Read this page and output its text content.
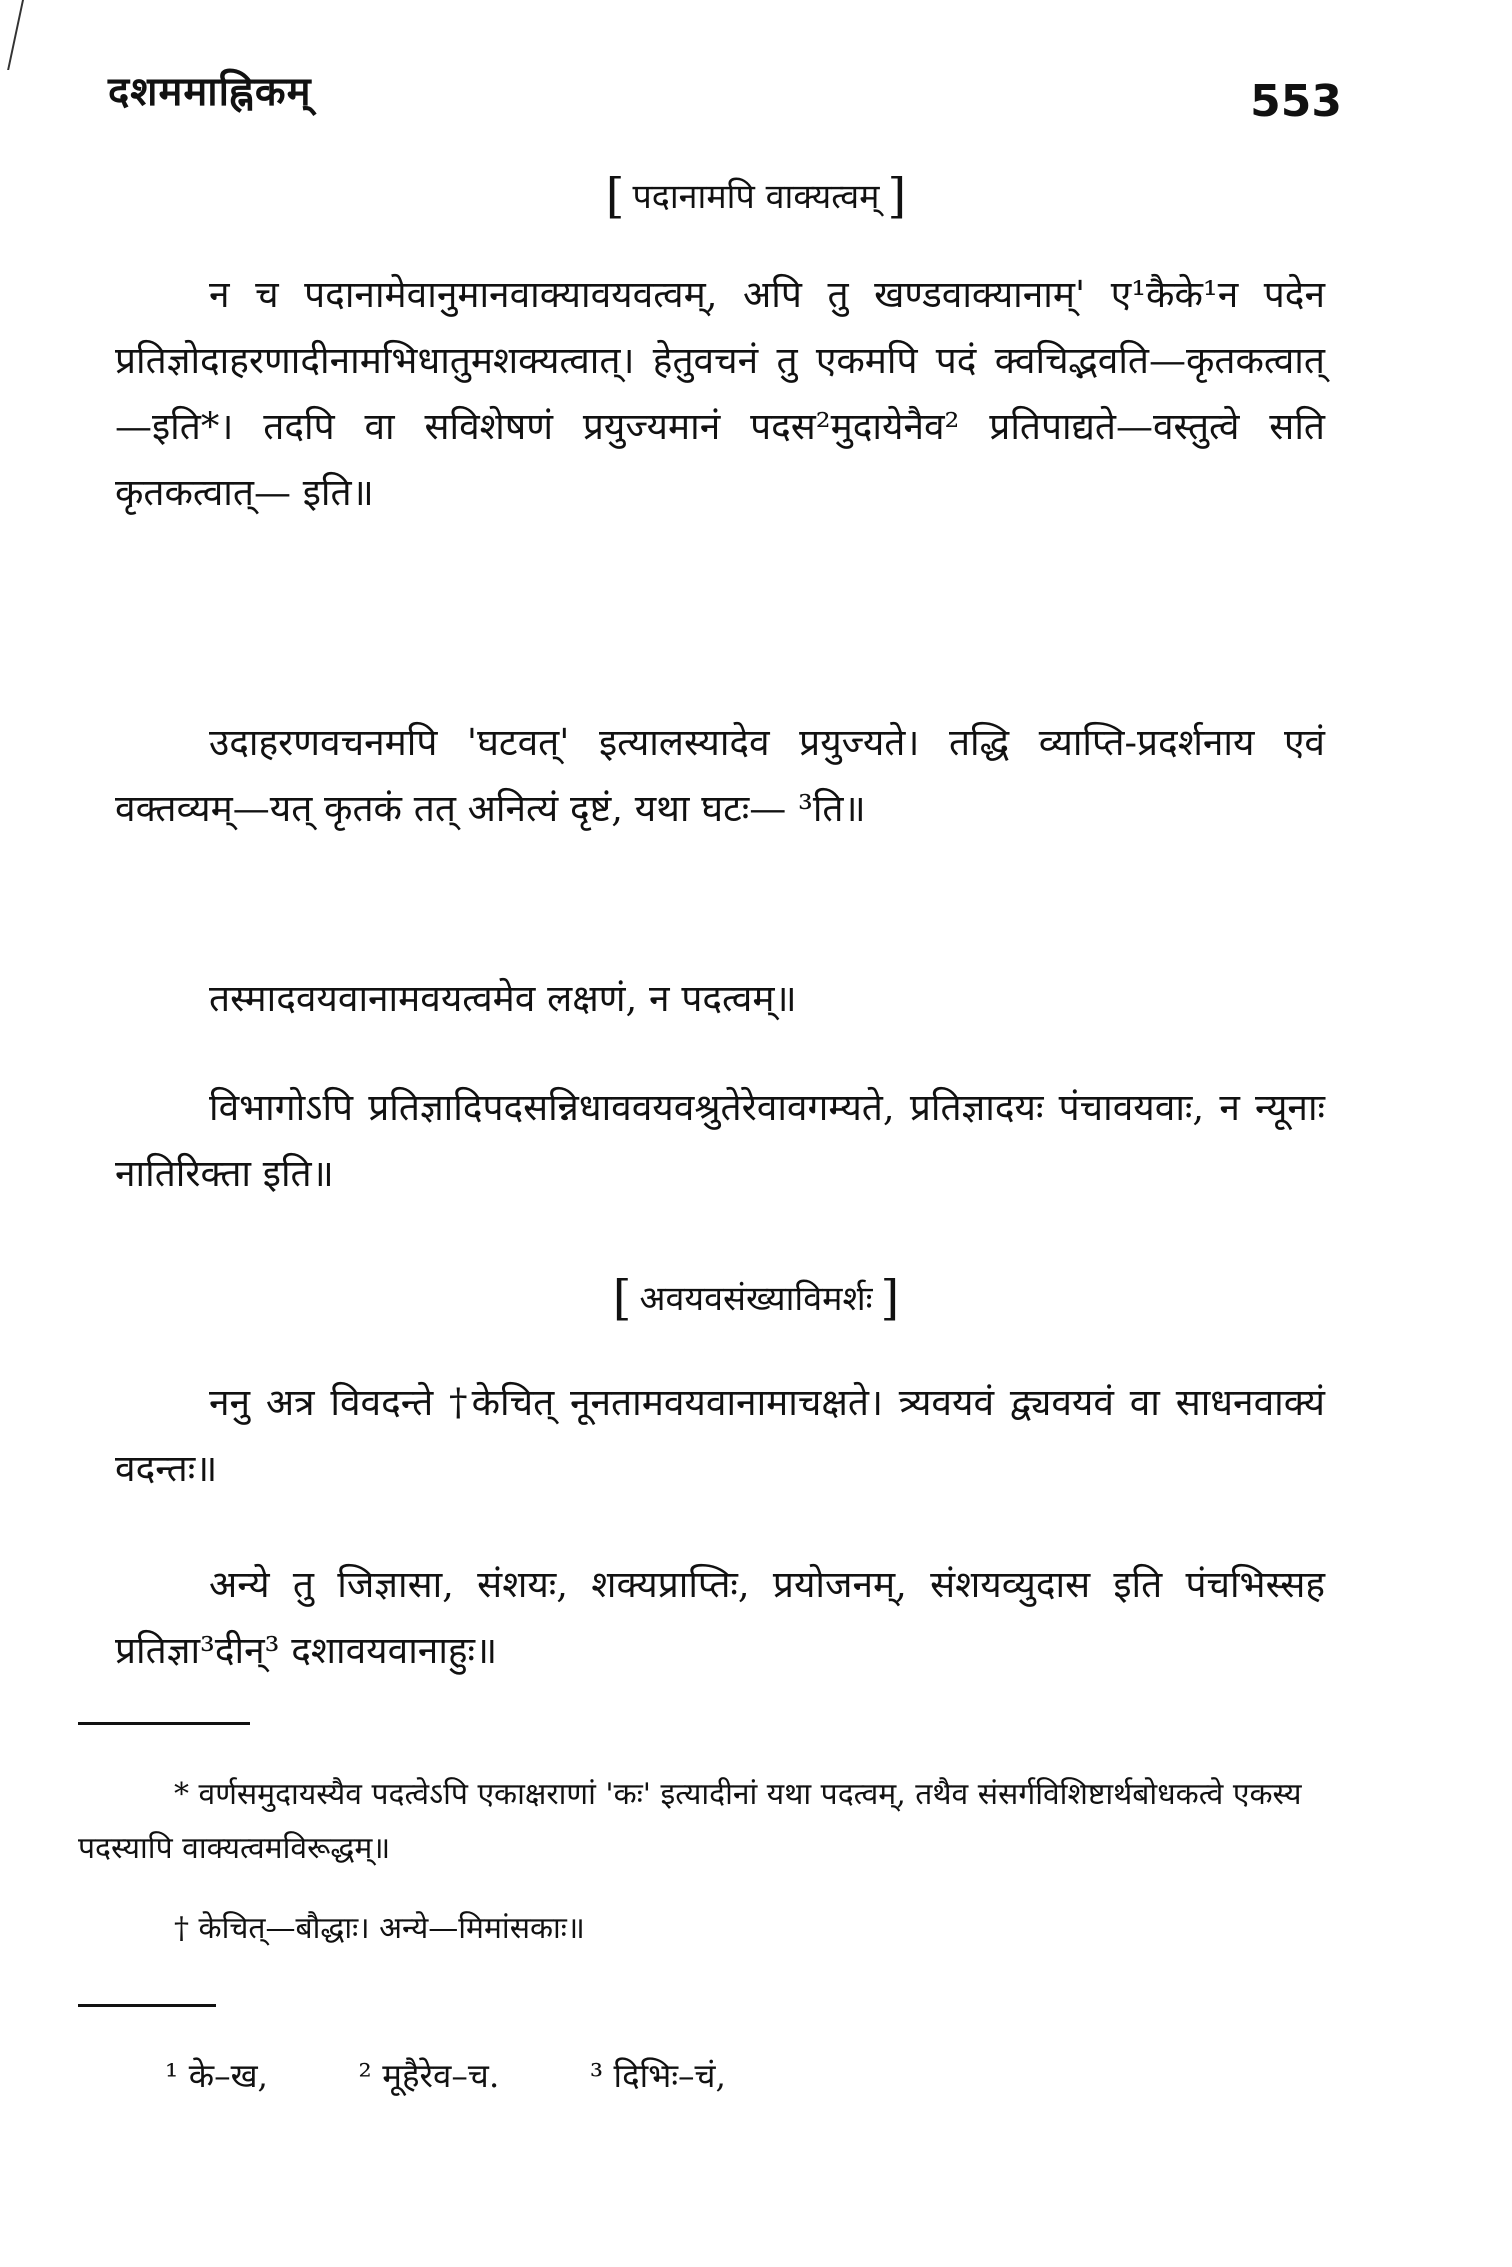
दशममाह्निकम्	553
[ पदानामपि वाक्यत्वम् ]

न च पदानामेवानुमानवाक्यावयवत्वम्, अपि तु खण्डवाक्यानाम्' ए¹कैके¹न पदेन प्रतिज्ञोदाहरणादीनामभिधातुमशक्यत्वात्। हेतुवचनं तु एकमपि पदं क्वचिद्भवति—कृतकत्वात्—इति*। तदपि वा सविशेषणं प्रयुज्यमानं पदस²मुदायेनैव² प्रतिपाद्यते—वस्तुत्वे सति कृतकत्वात्— इति॥

उदाहरणवचनमपि 'घटवत्' इत्यालस्यादेव प्रयुज्यते। तद्धि व्याप्ति-प्रदर्शनाय एवं वक्तव्यम्—यत् कृतकं तत् अनित्यं दृष्टं, यथा घटः— ³ति॥

तस्मादवयवानामवयत्वमेव लक्षणं, न पदत्वम्॥

विभागोऽपि प्रतिज्ञादिपदसन्निधाववयवश्रुतेरेवावगम्यते, प्रतिज्ञादयः पंचावयवाः, न न्यूनाः नातिरिक्ता इति॥

[ अवयवसंख्याविमर्शः ]

ननु अत्र विवदन्ते †केचित् नूनतामवयवानामाचक्षते। त्र्यवयवं द्व्यवयवं वा साधनवाक्यं वदन्तः॥

अन्ये तु जिज्ञासा, संशयः, शक्यप्राप्तिः, प्रयोजनम्, संशयव्युदास इति पंचभिस्सह प्रतिज्ञा³दीन्³ दशावयवानाहुः॥

* वर्णसमुदायस्यैव पदत्वेऽपि एकाक्षराणां 'कः' इत्यादीनां यथा पदत्वम्, तथैव संसर्गविशिष्टार्थबोधकत्वे एकस्य पदस्यापि वाक्यत्वमविरूद्धम्॥

† केचित्—बौद्धाः। अन्ये—मिमांसकाः॥

¹ के–ख,	² मूहैरेव–च.	³ दिभिः–चं,
